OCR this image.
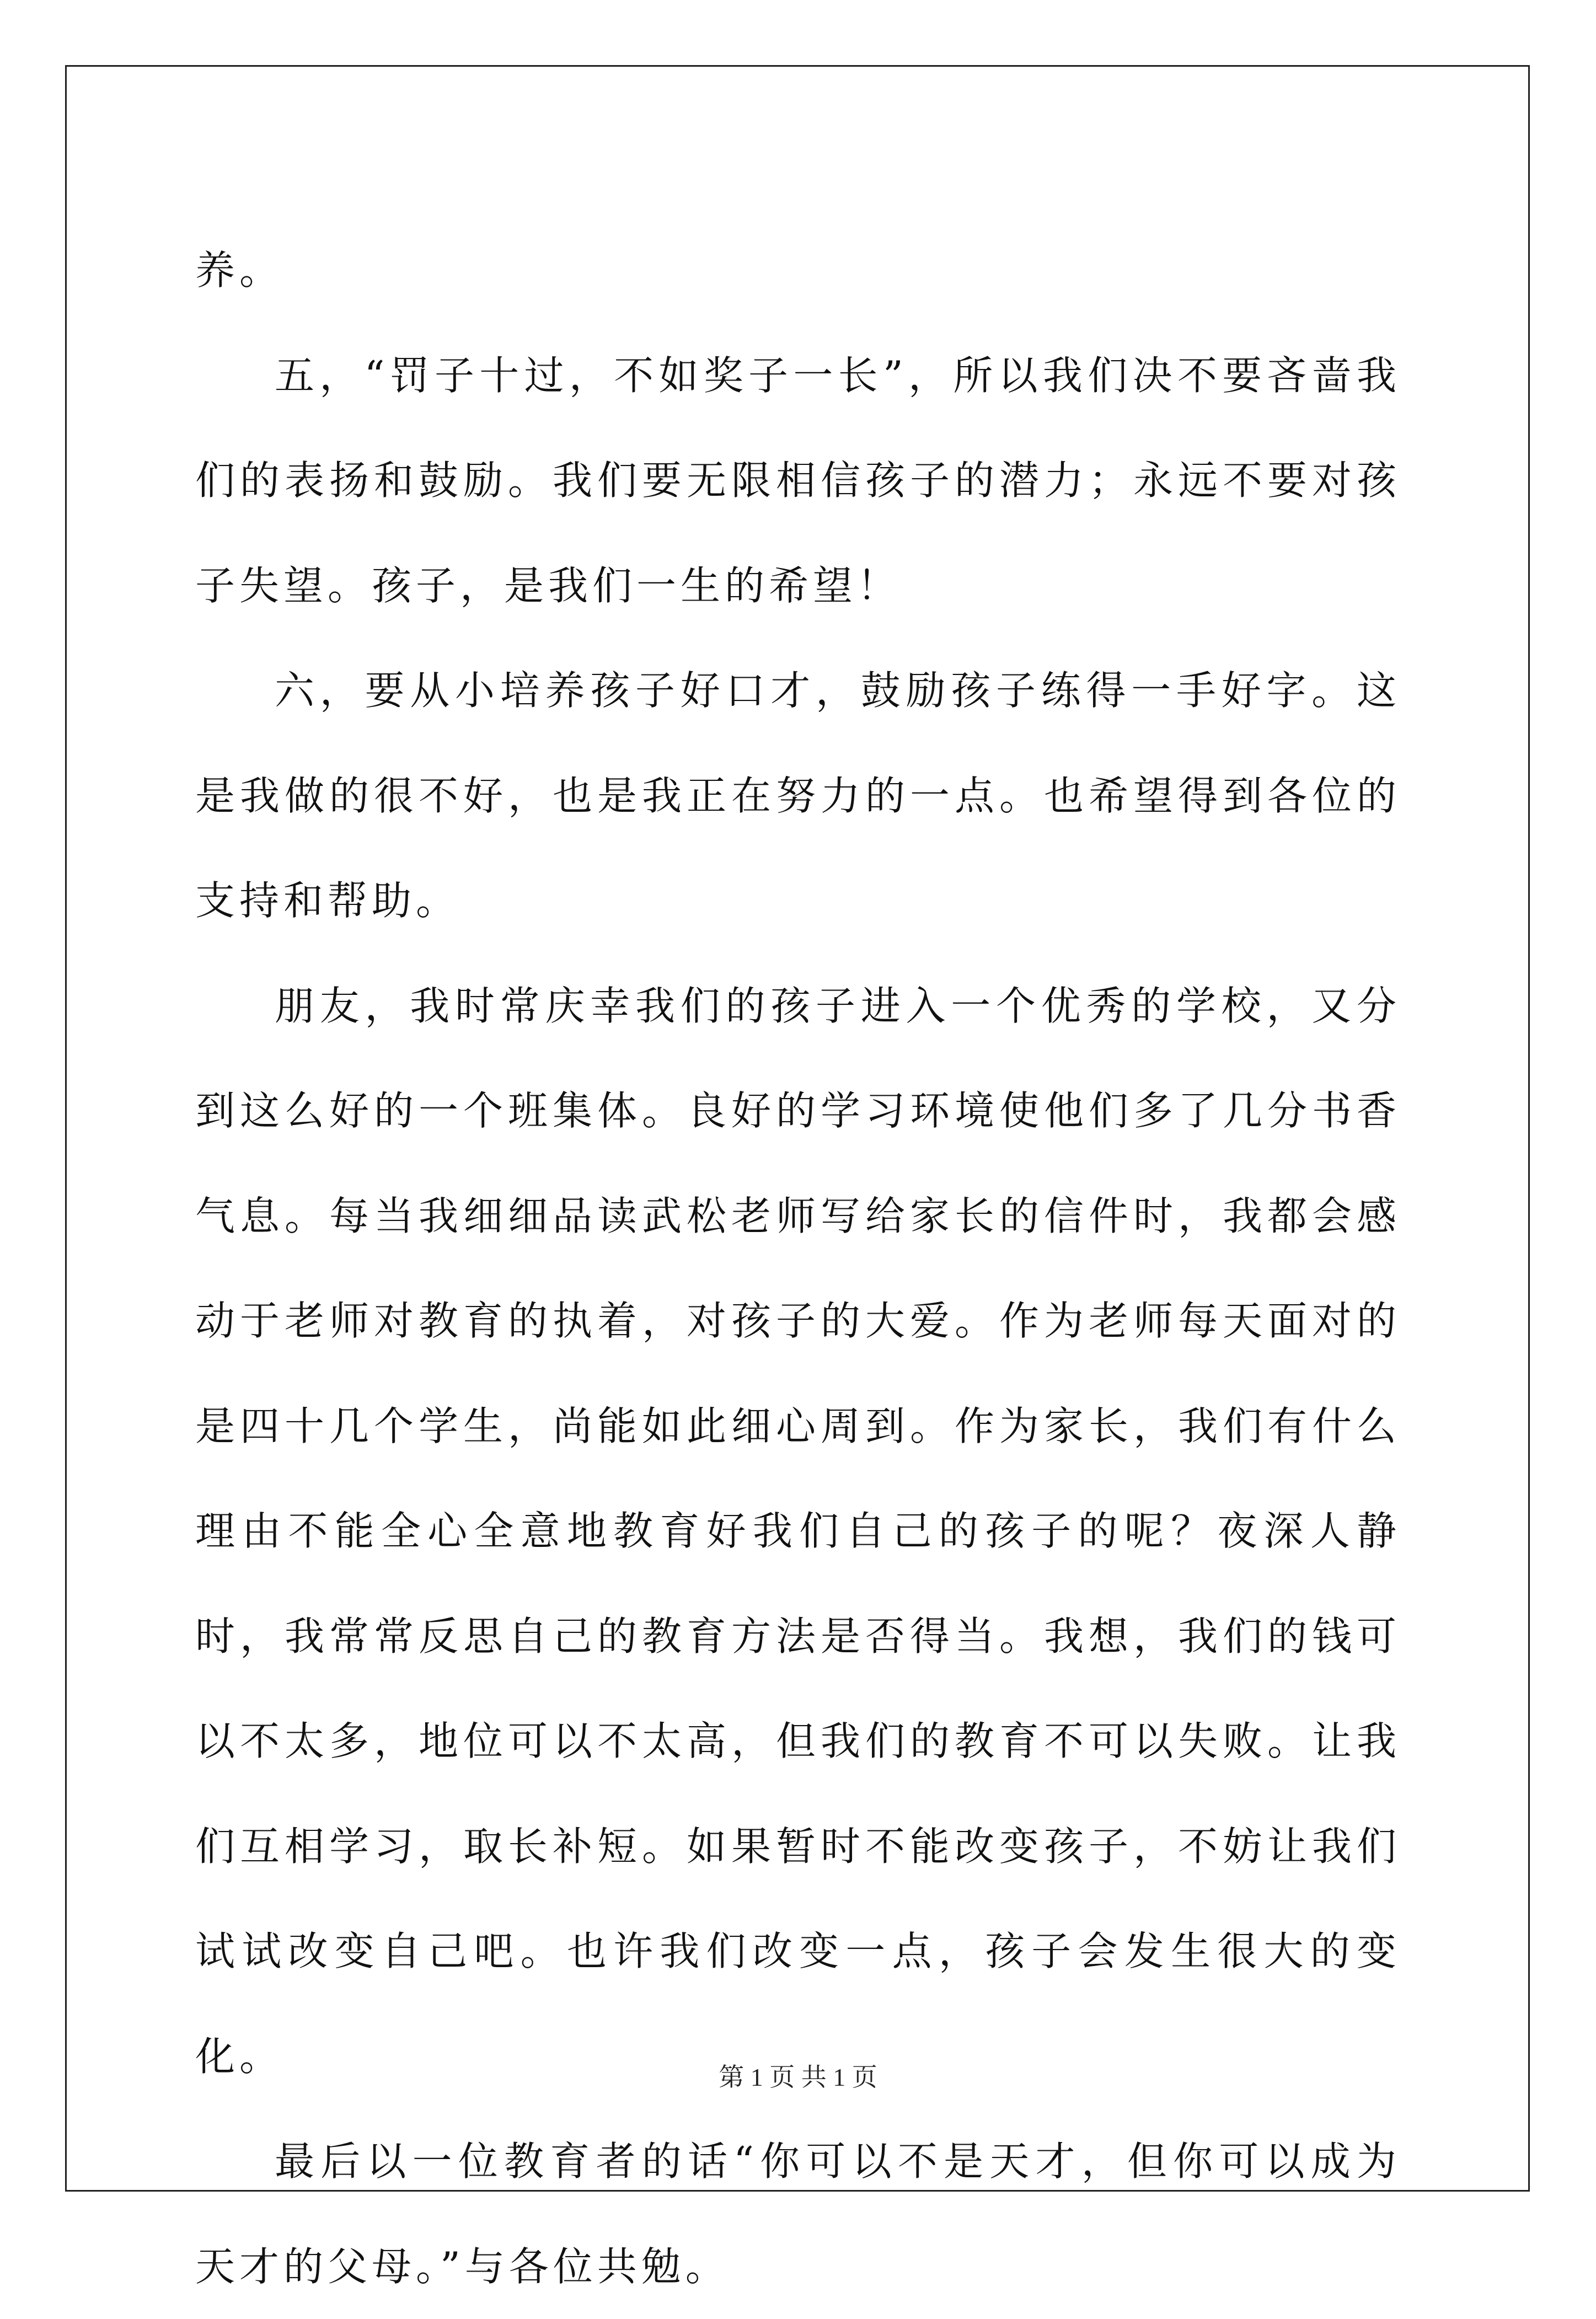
养。

五，“罚子十过，不如奖子一长”，所以我们决不要吝啬我们的表扬和鼓励。我们要无限相信孩子的潜力；永远不要对孩子失望。孩子，是我们一生的希望！

六，要从小培养孩子好口才，鼓励孩子练得一手好字。这是我做的很不好，也是我正在努力的一点。也希望得到各位的支持和帮助。

朋友，我时常庆幸我们的孩子进入一个优秀的学校，又分到这么好的一个班集体。良好的学习环境使他们多了几分书香气息。每当我细细品读武松老师写给家长的信件时，我都会感动于老师对教育的执着，对孩子的大爱。作为老师每天面对的是四十几个学生，尚能如此细心周到。作为家长，我们有什么理由不能全心全意地教育好我们自己的孩子的呢？夜深人静时，我常常反思自己的教育方法是否得当。我想，我们的钱可以不太多，地位可以不太高，但我们的教育不可以失败。让我们互相学习，取长补短。如果暂时不能改变孩子，不妨让我们试试改变自己吧。也许我们改变一点，孩子会发生很大的变化。

最后以一位教育者的话“你可以不是天才，但你可以成为天才的父母。”与各位共勉。

第 1 页 共 1 页
